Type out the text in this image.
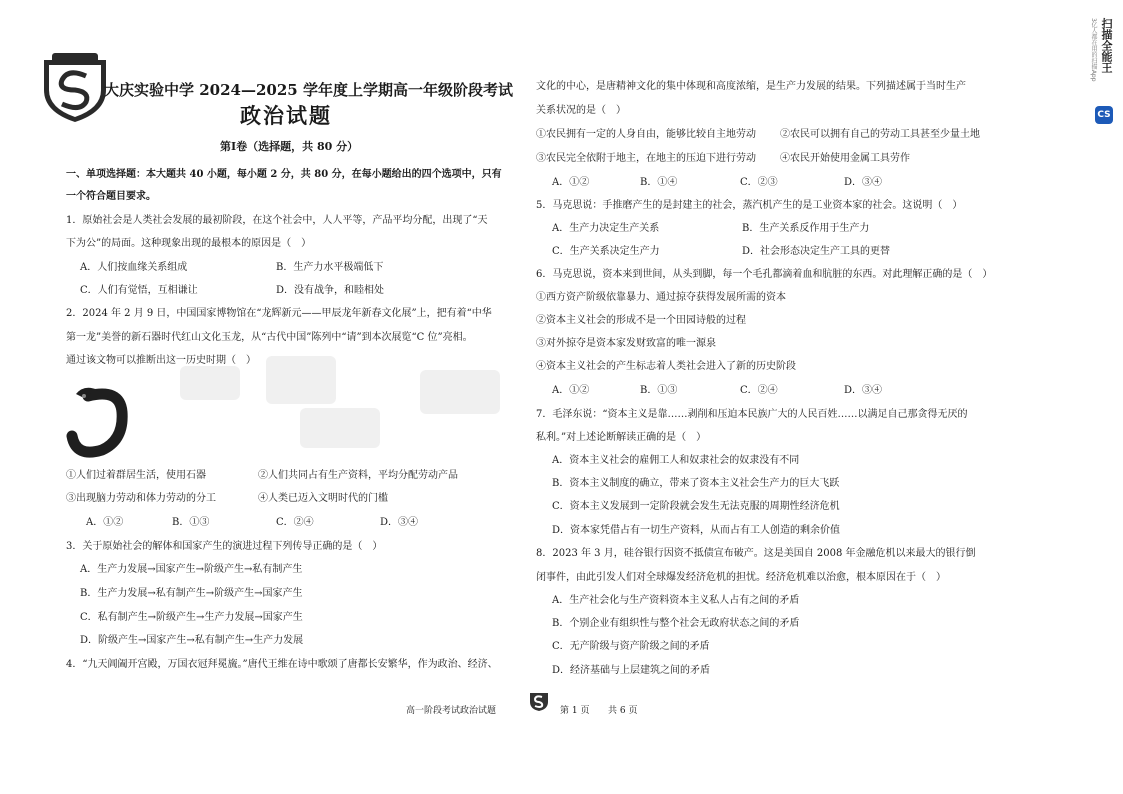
大庆实验中学 2024—2025 学年度上学期高一年级阶段考试
政治试题
第Ⅰ卷（选择题，共 80 分）
一、单项选择题：本大题共 40 小题，每小题 2 分，共 80 分，在每小题给出的四个选项中，只有
一个符合题目要求。
1．原始社会是人类社会发展的最初阶段，在这个社会中，人人平等，产品平均分配，出现了“天
下为公”的局面。这种现象出现的最根本的原因是（　）
A．人们按血缘关系组成	B．生产力水平极端低下
C．人们有觉悟，互相谦让	D．没有战争，和睦相处
2．2024 年 2 月 9 日，中国国家博物馆在“龙辉新元——甲辰龙年新春文化展”上，把有着“中华
第一龙”美誉的新石器时代红山文化玉龙，从“古代中国”陈列中“请”到本次展览“C 位”亮相。
通过该文物可以推断出这一历史时期（　）
①人们过着群居生活，使用石器	②人们共同占有生产资料，平均分配劳动产品
③出现脑力劳动和体力劳动的分工	④人类已迈入文明时代的门槛
A．①②	B．①③	C．②④	D．③④
3．关于原始社会的解体和国家产生的演进过程下列传导正确的是（　）
A．生产力发展→国家产生→阶级产生→私有制产生
B．生产力发展→私有制产生→阶级产生→国家产生
C．私有制产生→阶级产生→生产力发展→国家产生
D．阶级产生→国家产生→私有制产生→生产力发展
4．“九天阊阖开宫殿，万国衣冠拜冕旒。”唐代王维在诗中歌颂了唐都长安繁华，作为政治、经济、
文化的中心，是唐精神文化的集中体现和高度浓缩，是生产力发展的结果。下列描述属于当时生产
关系状况的是（　）
①农民拥有一定的人身自由，能够比较自主地劳动 ②农民可以拥有自己的劳动工具甚至少量土地
③农民完全依附于地主，在地主的压迫下进行劳动 ④农民开始使用金属工具劳作
A．①②	B．①④	C．②③	D．③④
5．马克思说：手推磨产生的是封建主的社会，蒸汽机产生的是工业资本家的社会。这说明（　）
A．生产力决定生产关系	B．生产关系反作用于生产力
C．生产关系决定生产力	D．社会形态决定生产工具的更替
6．马克思说，资本来到世间，从头到脚，每一个毛孔都滴着血和肮脏的东西。对此理解正确的是（　）
①西方资产阶级依靠暴力、通过掠夺获得发展所需的资本
②资本主义社会的形成不是一个田园诗般的过程
③对外掠夺是资本家发财致富的唯一源泉
④资本主义社会的产生标志着人类社会进入了新的历史阶段
A．①②	B．①③	C．②④	D．③④
7．毛泽东说：“资本主义是靠……剥削和压迫本民族广大的人民百姓……以满足自己那贪得无厌的
私利。”对上述论断解读正确的是（　）
A．资本主义社会的雇佣工人和奴隶社会的奴隶没有不同
B．资本主义制度的确立，带来了资本主义社会生产力的巨大飞跃
C．资本主义发展到一定阶段就会发生无法克服的周期性经济危机
D．资本家凭借占有一切生产资料，从而占有工人创造的剩余价值
8．2023 年 3 月，硅谷银行因资不抵债宣布破产。这是美国自 2008 年金融危机以来最大的银行倒
闭事件，由此引发人们对全球爆发经济危机的担忧。经济危机难以治愈，根本原因在于（　）
A．生产社会化与生产资料资本主义私人占有之间的矛盾
B．个别企业有组织性与整个社会无政府状态之间的矛盾
C．无产阶级与资产阶级之间的矛盾
D．经济基础与上层建筑之间的矛盾
高一阶段考试政治试题	第 1 页 共 6 页
CS
扫描全能王
3亿人都在用的扫描App
